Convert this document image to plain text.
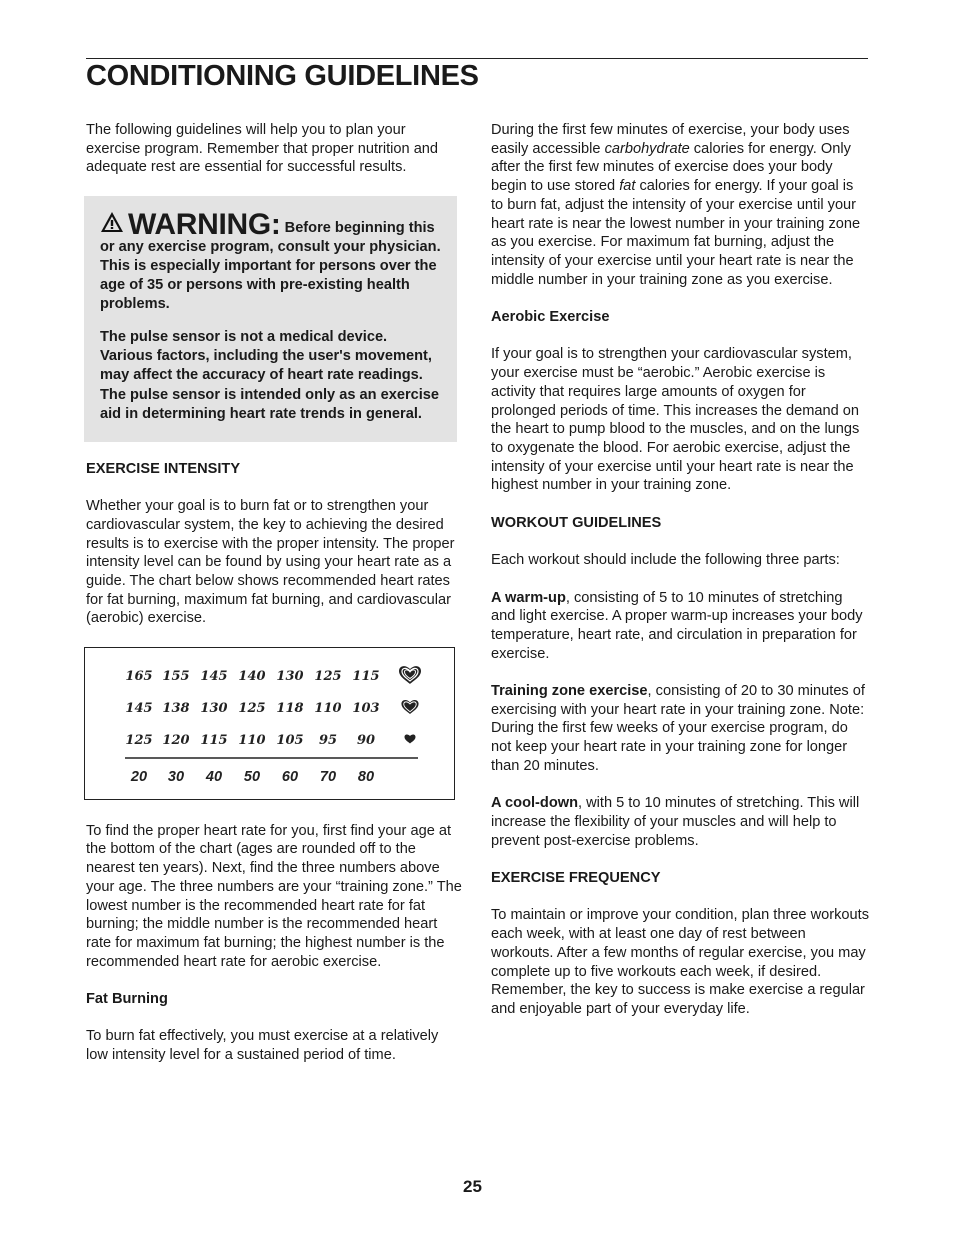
CONDITIONING GUIDELINES

The following guidelines will help you to plan your exercise program. Remember that proper nutrition and adequate rest are essential for successful results.

WARNING: Before beginning this or any exercise program, consult your physician. This is especially important for persons over the age of 35 or persons with pre-existing health problems.

The pulse sensor is not a medical device. Various factors, including the user's movement, may affect the accuracy of heart rate readings. The pulse sensor is intended only as an exercise aid in determining heart rate trends in general.

EXERCISE INTENSITY

Whether your goal is to burn fat or to strengthen your cardiovascular system, the key to achieving the desired results is to exercise with the proper intensity. The proper intensity level can be found by using your heart rate as a guide. The chart below shows recommended heart rates for fat burning, maximum fat burning, and cardiovascular (aerobic) exercise.

165 155 145 140 130 125 115
145 138 130 125 118 110 103
125 120 115 110 105 95 90
20 30 40 50 60 70 80

To find the proper heart rate for you, first find your age at the bottom of the chart (ages are rounded off to the nearest ten years). Next, find the three numbers above your age. The three numbers are your “training zone.” The lowest number is the recommended heart rate for fat burning; the middle number is the recommended heart rate for maximum fat burning; the highest number is the recommended heart rate for aerobic exercise.

Fat Burning

To burn fat effectively, you must exercise at a relatively low intensity level for a sustained period of time.

During the first few minutes of exercise, your body uses easily accessible carbohydrate calories for energy. Only after the first few minutes of exercise does your body begin to use stored fat calories for energy. If your goal is to burn fat, adjust the intensity of your exercise until your heart rate is near the lowest number in your training zone as you exercise. For maximum fat burning, adjust the intensity of your exercise until your heart rate is near the middle number in your training zone as you exercise.

Aerobic Exercise

If your goal is to strengthen your cardiovascular system, your exercise must be “aerobic.” Aerobic exercise is activity that requires large amounts of oxygen for prolonged periods of time. This increases the demand on the heart to pump blood to the muscles, and on the lungs to oxygenate the blood. For aerobic exercise, adjust the intensity of your exercise until your heart rate is near the highest number in your training zone.

WORKOUT GUIDELINES

Each workout should include the following three parts:

A warm-up, consisting of 5 to 10 minutes of stretching and light exercise. A proper warm-up increases your body temperature, heart rate, and circulation in preparation for exercise.

Training zone exercise, consisting of 20 to 30 minutes of exercising with your heart rate in your training zone. Note: During the first few weeks of your exercise program, do not keep your heart rate in your training zone for longer than 20 minutes.

A cool-down, with 5 to 10 minutes of stretching. This will increase the flexibility of your muscles and will help to prevent post-exercise problems.

EXERCISE FREQUENCY

To maintain or improve your condition, plan three workouts each week, with at least one day of rest between workouts. After a few months of regular exercise, you may complete up to five workouts each week, if desired. Remember, the key to success is make exercise a regular and enjoyable part of your everyday life.

25
